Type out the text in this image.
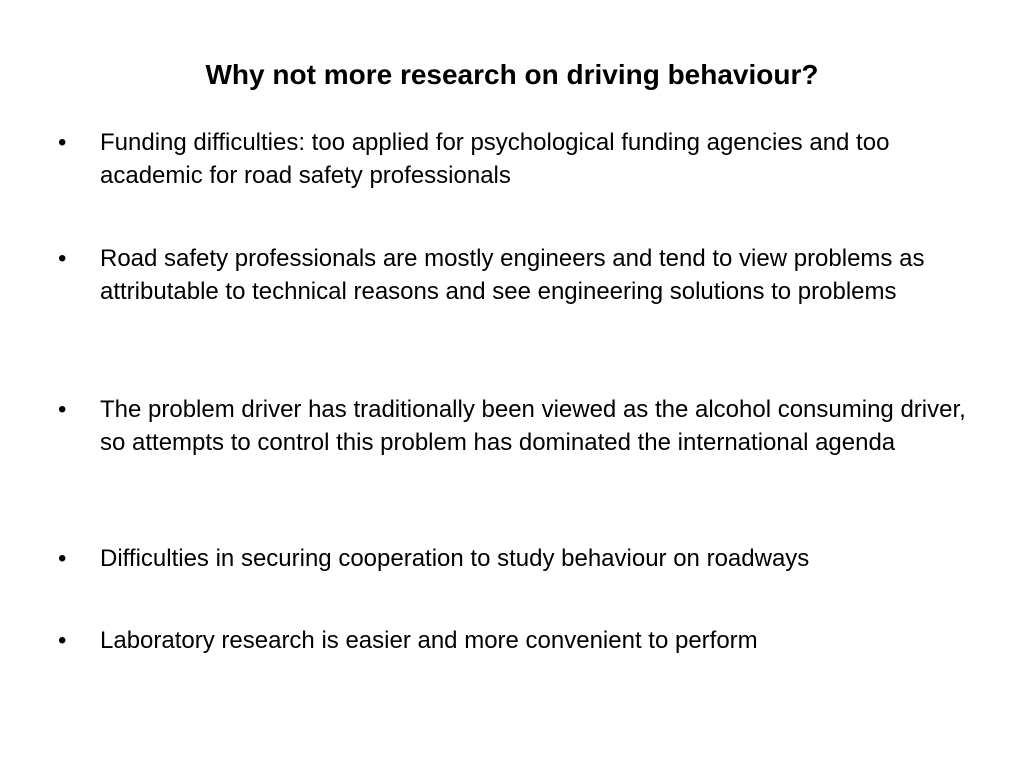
Why not more research on driving behaviour?
•	Funding difficulties: too applied for psychological funding agencies and too academic for road safety professionals
•	Road safety professionals are mostly engineers and tend to view problems as attributable to technical reasons and see engineering solutions to problems
•	The problem driver has traditionally been viewed as the alcohol consuming driver, so attempts to control this problem has dominated the international agenda
•	Difficulties in securing cooperation to study behaviour on roadways
•	Laboratory research is easier and more convenient to perform
